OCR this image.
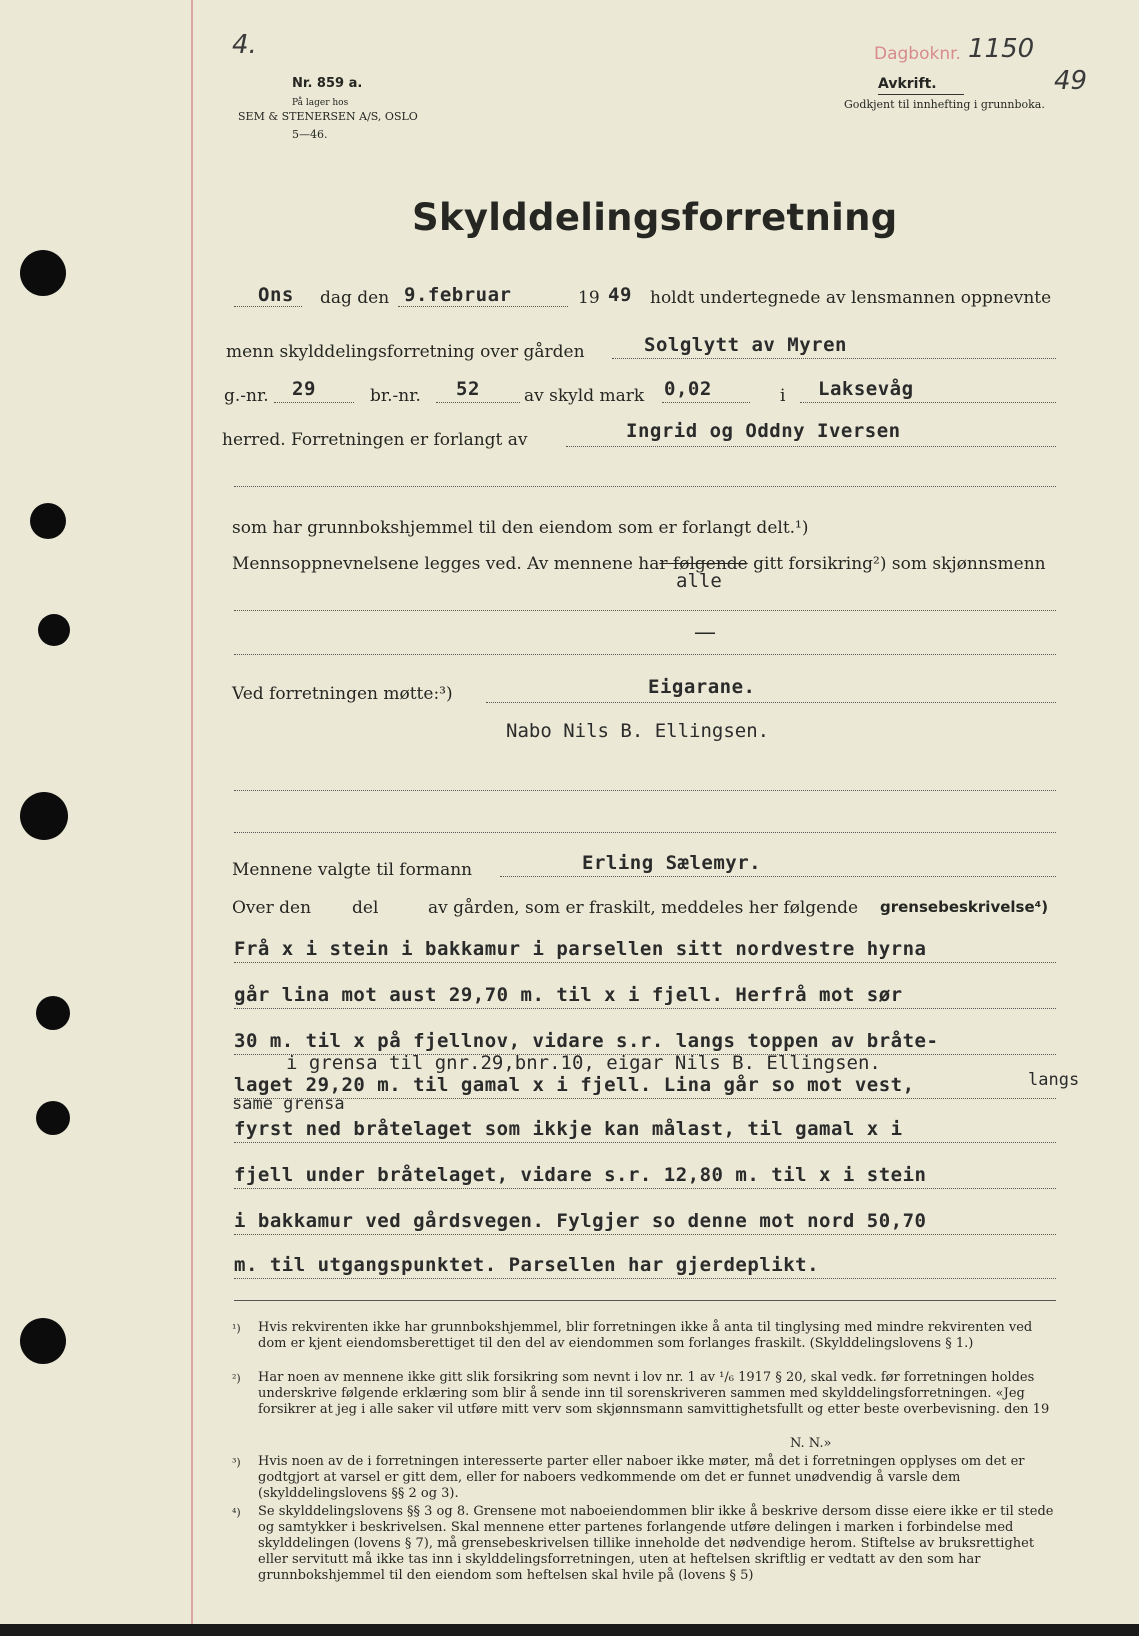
4.
Nr. 859 a.
På lager hos
SEM & STENERSEN A/S, OSLO
5—46.
Dagboknr. 1150
49
Avkrift.
Godkjent til innhefting i grunnboka.
Skylddelingsforretning
Ons dag den 9.februar	19 49 holdt undertegnede av lensmannen oppnevnte
menn skylddelingsforretning over gården	Solglytt av Myren
g.-nr. 29	br.-nr. 52	av skyld mark 0,02	i Laksevåg
herred. Forretningen er forlangt av	Ingrid og Oddny Iversen
som har grunnbokshjemmel til den eiendom som er forlangt delt.¹)
Mennsoppnevnelsene legges ved. Av mennene har følgende gitt forsikring²) som skjønnsmenn
alle
—
Ved forretningen møtte:³)	Eigarane.
Nabo Nils B. Ellingsen.
Mennene valgte til formann	Erling Sælemyr.
Over den del	av gården, som er fraskilt, meddeles her følgende grensebeskrivelse⁴)
Frå x i stein i bakkamur i parsellen sitt nordvestre hyrna
går lina mot aust 29,70 m. til x i fjell. Herfrå mot sør
30 m. til x på fjellnov, vidare s.r. langs toppen av bråte-
i grensa til gnr.29,bnr.10, eigar Nils B. Ellingsen.
laget 29,20 m. til gamal x i fjell. Lina går so mot vest,	langs
same grensa
fyrst ned bråtelaget som ikkje kan målast, til gamal x i
fjell under bråtelaget, vidare s.r. 12,80 m. til x i stein
i bakkamur ved gårdsvegen. Fylgjer so denne mot nord 50,70
m. til utgangspunktet. Parsellen har gjerdeplikt.
¹) Hvis rekvirenten ikke har grunnbokshjemmel, blir forretningen ikke å anta til tinglysing med mindre rekvirenten ved dom er kjent eiendomsberettiget til den del av eiendommen som forlanges fraskilt. (Skylddelingslovens § 1.)
²) Har noen av mennene ikke gitt slik forsikring som nevnt i lov nr. 1 av ¹/₆ 1917 § 20, skal vedk. før forretningen holdes underskrive følgende erklæring som blir å sende inn til sorenskriveren sammen med skylddelingsforretningen. «Jeg forsikrer at jeg i alle saker vil utføre mitt verv som skjønnsmann samvittighetsfullt og etter beste overbevisning. den 19
N. N.»
³) Hvis noen av de i forretningen interesserte parter eller naboer ikke møter, må det i forretningen opplyses om det er godtgjort at varsel er gitt dem, eller for naboers vedkommende om det er funnet unødvendig å varsle dem (skylddelingslovens §§ 2 og 3).
⁴) Se skylddelingslovens §§ 3 og 8. Grensene mot naboeiendommen blir ikke å beskrive dersom disse eiere ikke er til stede og samtykker i beskrivelsen. Skal mennene etter partenes forlangende utføre delingen i marken i forbindelse med skylddelingen (lovens § 7), må grensebeskrivelsen tillike inneholde det nødvendige herom. Stiftelse av bruksrettighet eller servitutt må ikke tas inn i skylddelingsforretningen, uten at heftelsen skriftlig er vedtatt av den som har grunnbokshjemmel til den eiendom som heftelsen skal hvile på (lovens § 5)
